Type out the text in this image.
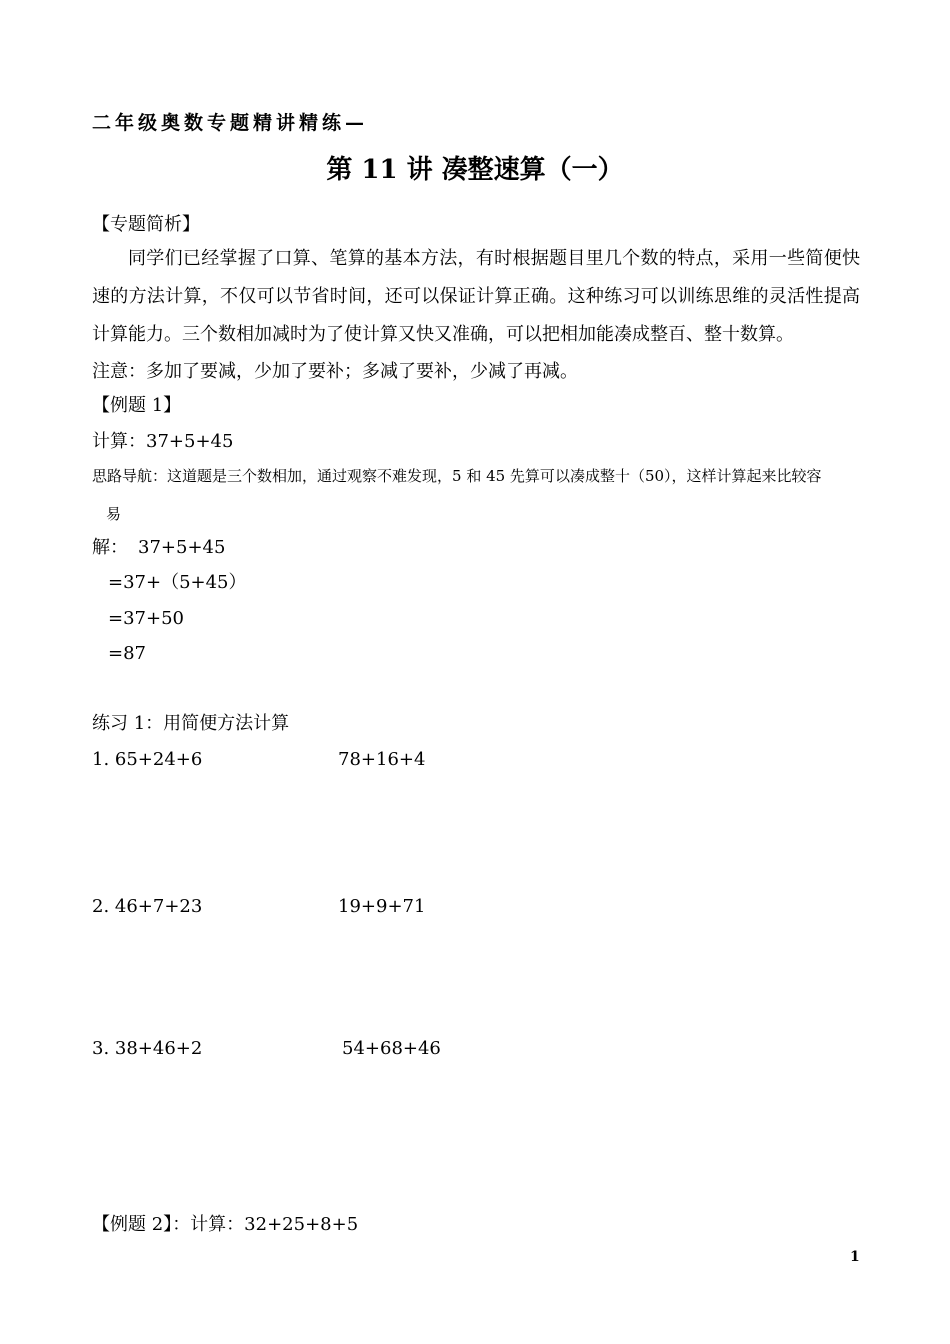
二年级奥数专题精讲精练—
第 11 讲 凑整速算（一）
【专题简析】
同学们已经掌握了口算、笔算的基本方法，有时根据题目里几个数的特点，采用一些简便快速的方法计算，不仅可以节省时间，还可以保证计算正确。这种练习可以训练思维的灵活性提高计算能力。三个数相加减时为了使计算又快又准确，可以把相加能凑成整百、整十数算。
注意：多加了要减，少加了要补；多减了要补，少减了再减。
【例题 1】
计算：37+5+45
思路导航：这道题是三个数相加，通过观察不难发现，5 和 45 先算可以凑成整十（50），这样计算起来比较容
易
解： 37+5+45
=37+（5+45）
=37+50
=87
练习 1：用简便方法计算
1. 65+24+6	78+16+4
2. 46+7+23	19+9+71
3. 38+46+2	54+68+46
【例题 2】：计算：32+25+8+5
1
